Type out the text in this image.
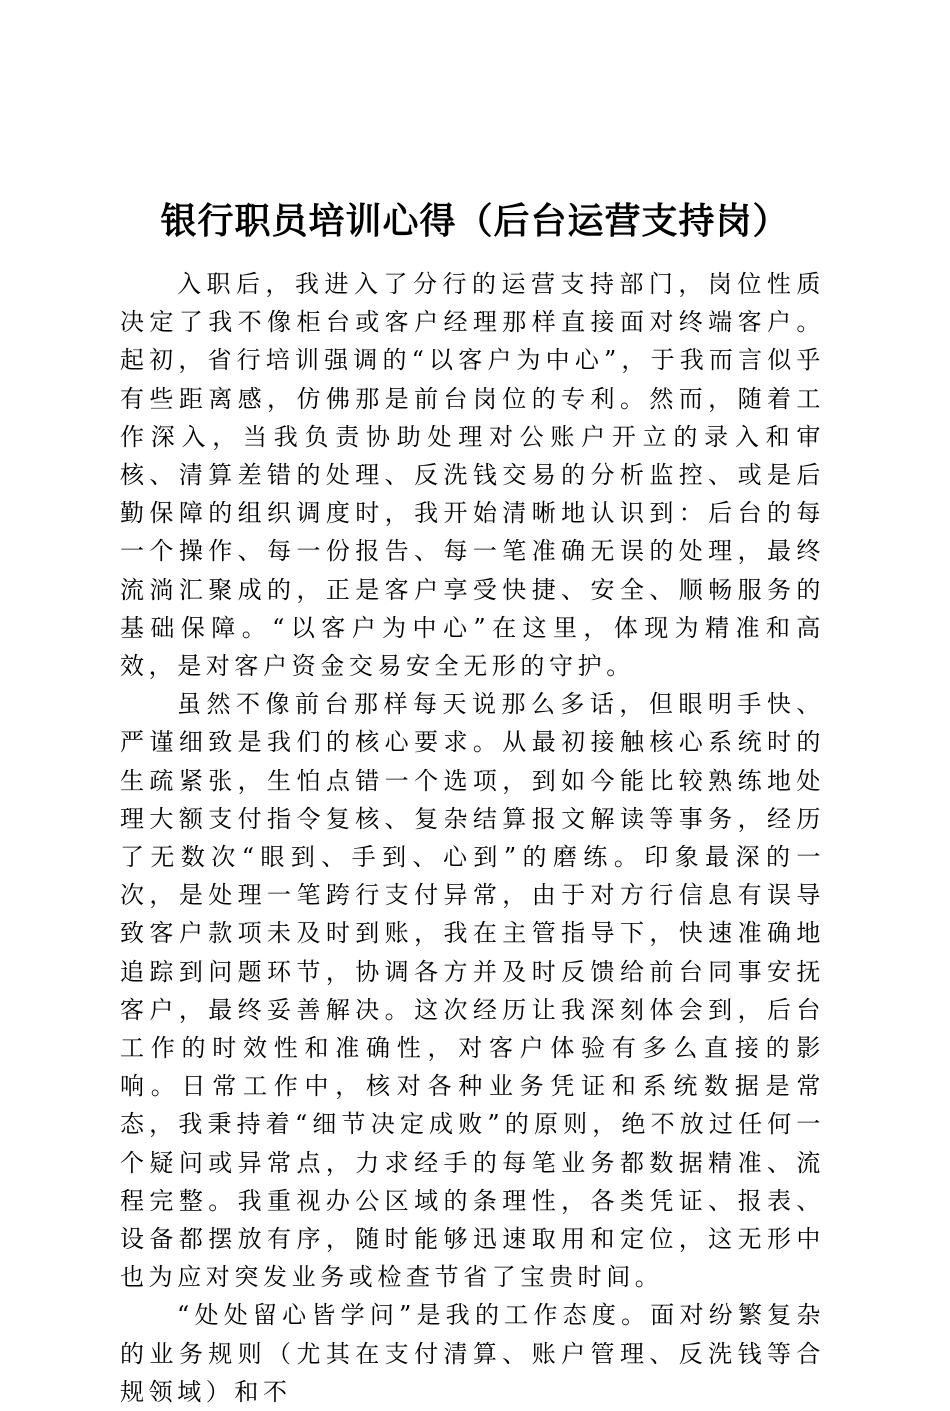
银行职员培训心得（后台运营支持岗）

入职后，我进入了分行的运营支持部门，岗位性质决定了我不像柜台或客户经理那样直接面对终端客户。起初，省行培训强调的“以客户为中心”，于我而言似乎有些距离感，仿佛那是前台岗位的专利。然而，随着工作深入，当我负责协助处理对公账户开立的录入和审核、清算差错的处理、反洗钱交易的分析监控、或是后勤保障的组织调度时，我开始清晰地认识到：后台的每一个操作、每一份报告、每一笔准确无误的处理，最终流淌汇聚成的，正是客户享受快捷、安全、顺畅服务的基础保障。“以客户为中心”在这里，体现为精准和高效，是对客户资金交易安全无形的守护。

虽然不像前台那样每天说那么多话，但眼明手快、严谨细致是我们的核心要求。从最初接触核心系统时的生疏紧张，生怕点错一个选项，到如今能比较熟练地处理大额支付指令复核、复杂结算报文解读等事务，经历了无数次“眼到、手到、心到”的磨练。印象最深的一次，是处理一笔跨行支付异常，由于对方行信息有误导致客户款项未及时到账，我在主管指导下，快速准确地追踪到问题环节，协调各方并及时反馈给前台同事安抚客户，最终妥善解决。这次经历让我深刻体会到，后台工作的时效性和准确性，对客户体验有多么直接的影响。日常工作中，核对各种业务凭证和系统数据是常态，我秉持着“细节决定成败”的原则，绝不放过任何一个疑问或异常点，力求经手的每笔业务都数据精准、流程完整。我重视办公区域的条理性，各类凭证、报表、设备都摆放有序，随时能够迅速取用和定位，这无形中也为应对突发业务或检查节省了宝贵时间。

“处处留心皆学问”是我的工作态度。面对纷繁复杂的业务规则（尤其在支付清算、账户管理、反洗钱等合规领域）和不
